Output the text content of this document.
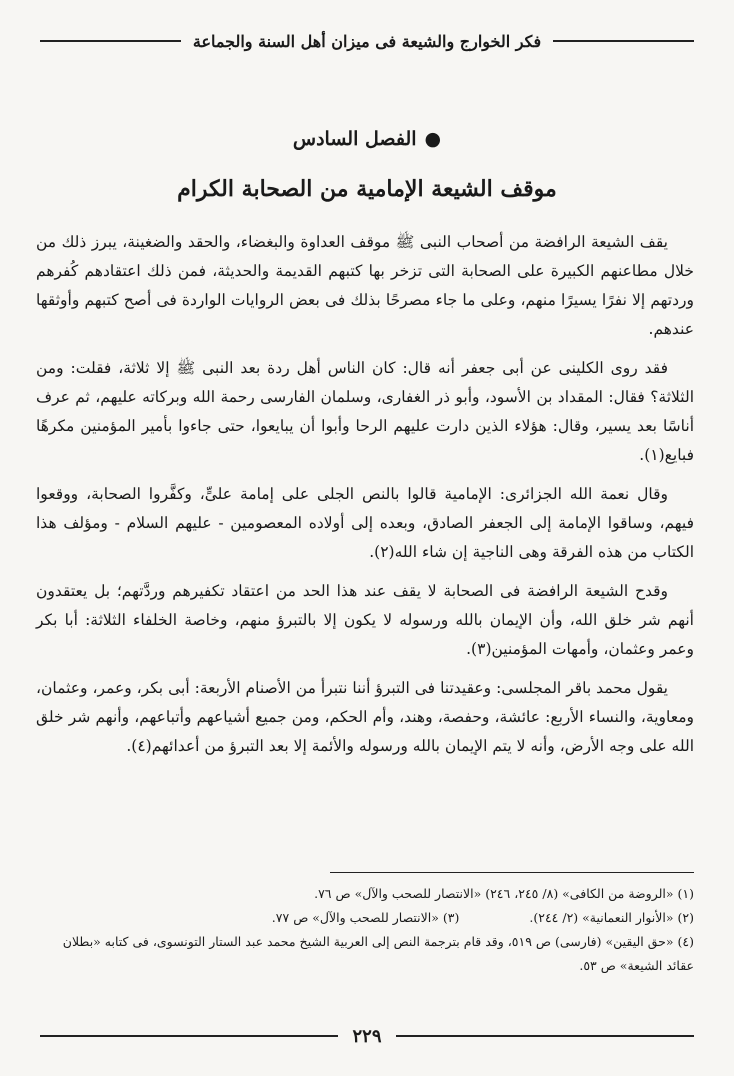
فكر الخوارج والشيعة فى ميزان أهل السنة والجماعة
●الفصل السادس
موقف الشيعة الإمامية من الصحابة الكرام

يقف الشيعة الرافضة من أصحاب النبى ﷺ موقف العداوة والبغضاء، والحقد والضغينة، يبرز ذلك من خلال مطاعنهم الكبيرة على الصحابة التى تزخر بها كتبهم القديمة والحديثة، فمن ذلك اعتقادهم كُفرهم وردتهم إلا نفرًا يسيرًا منهم، وعلى ما جاء مصرحًا بذلك فى بعض الروايات الواردة فى أصح كتبهم وأوثقها عندهم.

فقد روى الكلينى عن أبى جعفر أنه قال: كان الناس أهل ردة بعد النبى ﷺ إلا ثلاثة، فقلت: ومن الثلاثة؟ فقال: المقداد بن الأسود، وأبو ذر الغفارى، وسلمان الفارسى رحمة الله وبركاته عليهم، ثم عرف أناسًا بعد يسير، وقال: هؤلاء الذين دارت عليهم الرحا وأبوا أن يبايعوا، حتى جاءوا بأمير المؤمنين مكرهًا فبايع(١).

وقال نعمة الله الجزائرى: الإمامية قالوا بالنص الجلى على إمامة علىٍّ، وكفَّروا الصحابة، ووقعوا فيهم، وساقوا الإمامة إلى الجعفر الصادق، وبعده إلى أولاده المعصومين - عليهم السلام - ومؤلف هذا الكتاب من هذه الفرقة وهى الناجية إن شاء الله(٢).

وقدح الشيعة الرافضة فى الصحابة لا يقف عند هذا الحد من اعتقاد تكفيرهم وردَّتهم؛ بل يعتقدون أنهم شر خلق الله، وأن الإيمان بالله ورسوله لا يكون إلا بالتبرؤ منهم، وخاصة الخلفاء الثلاثة: أبا بكر وعمر وعثمان، وأمهات المؤمنين(٣).

يقول محمد باقر المجلسى: وعقيدتنا فى التبرؤ أننا نتبرأ من الأصنام الأربعة: أبى بكر، وعمر، وعثمان، ومعاوية، والنساء الأربع: عائشة، وحفصة، وهند، وأم الحكم، ومن جميع أشياعهم وأتباعهم، وأنهم شر خلق الله على وجه الأرض، وأنه لا يتم الإيمان بالله ورسوله والأئمة إلا بعد التبرؤ من أعدائهم(٤).

(١) «الروضة من الكافى» (٨/ ٢٤٥، ٢٤٦) «الانتصار للصحب والآل» ص ٧٦.

(٢) «الأنوار النعمانية» (٢/ ٢٤٤).
(٣) «الانتصار للصحب والآل» ص ٧٧.

(٤) «حق اليقين» (فارسى) ص ٥١٩، وقد قام بترجمة النص إلى العربية الشيخ محمد عبد الستار التونسوى، فى كتابه «بطلان عقائد الشيعة» ص ٥٣.

٢٢٩
